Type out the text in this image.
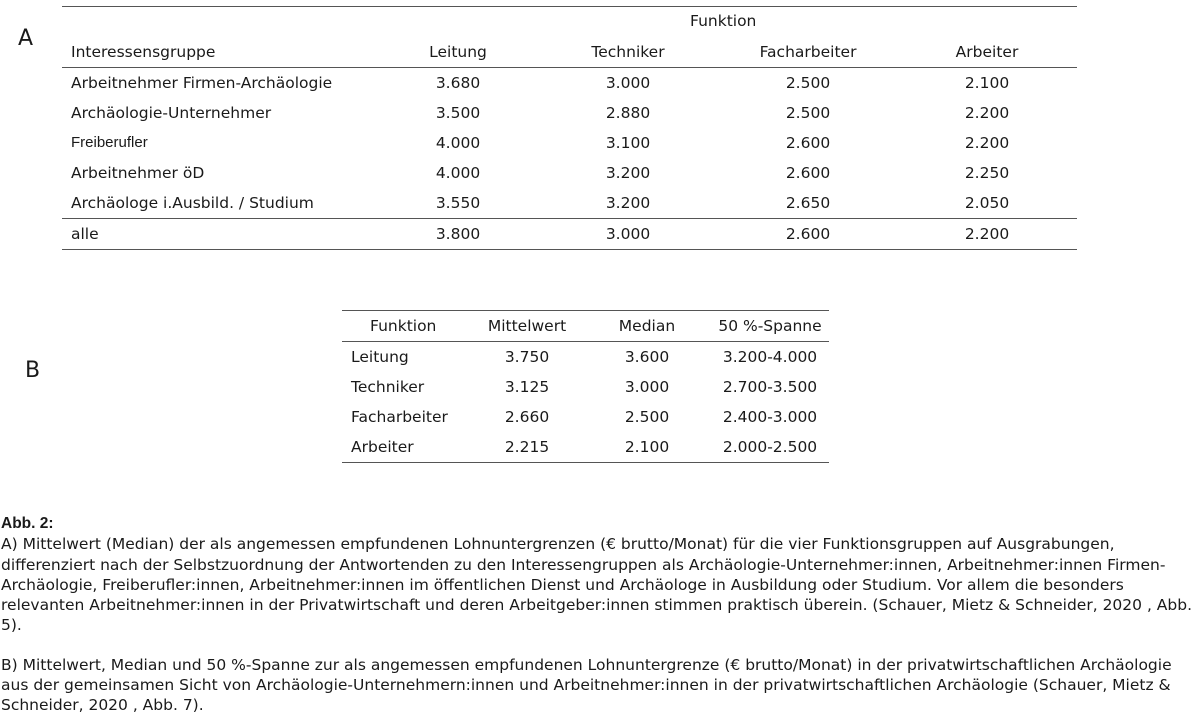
A
B
Funktion
Interessensgruppe	Leitung	Techniker	Facharbeiter	Arbeiter
Arbeitnehmer Firmen-Archäologie	3.680	3.000	2.500	2.100
Archäologie-Unternehmer	3.500	2.880	2.500	2.200
Freiberufler	4.000	3.100	2.600	2.200
Arbeitnehmer öD	4.000	3.200	2.600	2.250
Archäologe i.Ausbild. / Studium	3.550	3.200	2.650	2.050
alle	3.800	3.000	2.600	2.200
Funktion	Mittelwert	Median	50 %-Spanne
Leitung	3.750	3.600	3.200-4.000
Techniker	3.125	3.000	2.700-3.500
Facharbeiter	2.660	2.500	2.400-3.000
Arbeiter	2.215	2.100	2.000-2.500
Abb. 2:

A) Mittelwert (Median) der als angemessen empfundenen Lohnuntergrenzen (€ brutto/Monat) für die vier Funktionsgruppen auf Ausgrabungen, differenziert nach der Selbstzuordnung der Antwortenden zu den Interessengruppen als Archäologie-Unternehmer:innen, Arbeitnehmer:innen Firmen-Archäologie, Freiberufler:innen, Arbeitnehmer:innen im öffentlichen Dienst und Archäologe in Ausbildung oder Studium. Vor allem die besonders relevanten Arbeitnehmer:innen in der Privatwirtschaft und deren Arbeitgeber:innen stimmen praktisch überein. (Schauer, Mietz & Schneider, 2020 , Abb. 5).

B) Mittelwert, Median und 50 %-Spanne zur als angemessen empfundenen Lohnuntergrenze (€ brutto/Monat) in der privatwirtschaftlichen Archäologie aus der gemeinsamen Sicht von Archäologie-Unternehmern:innen und Arbeitnehmer:innen in der privatwirtschaftlichen Archäologie (Schauer, Mietz & Schneider, 2020 , Abb. 7).
